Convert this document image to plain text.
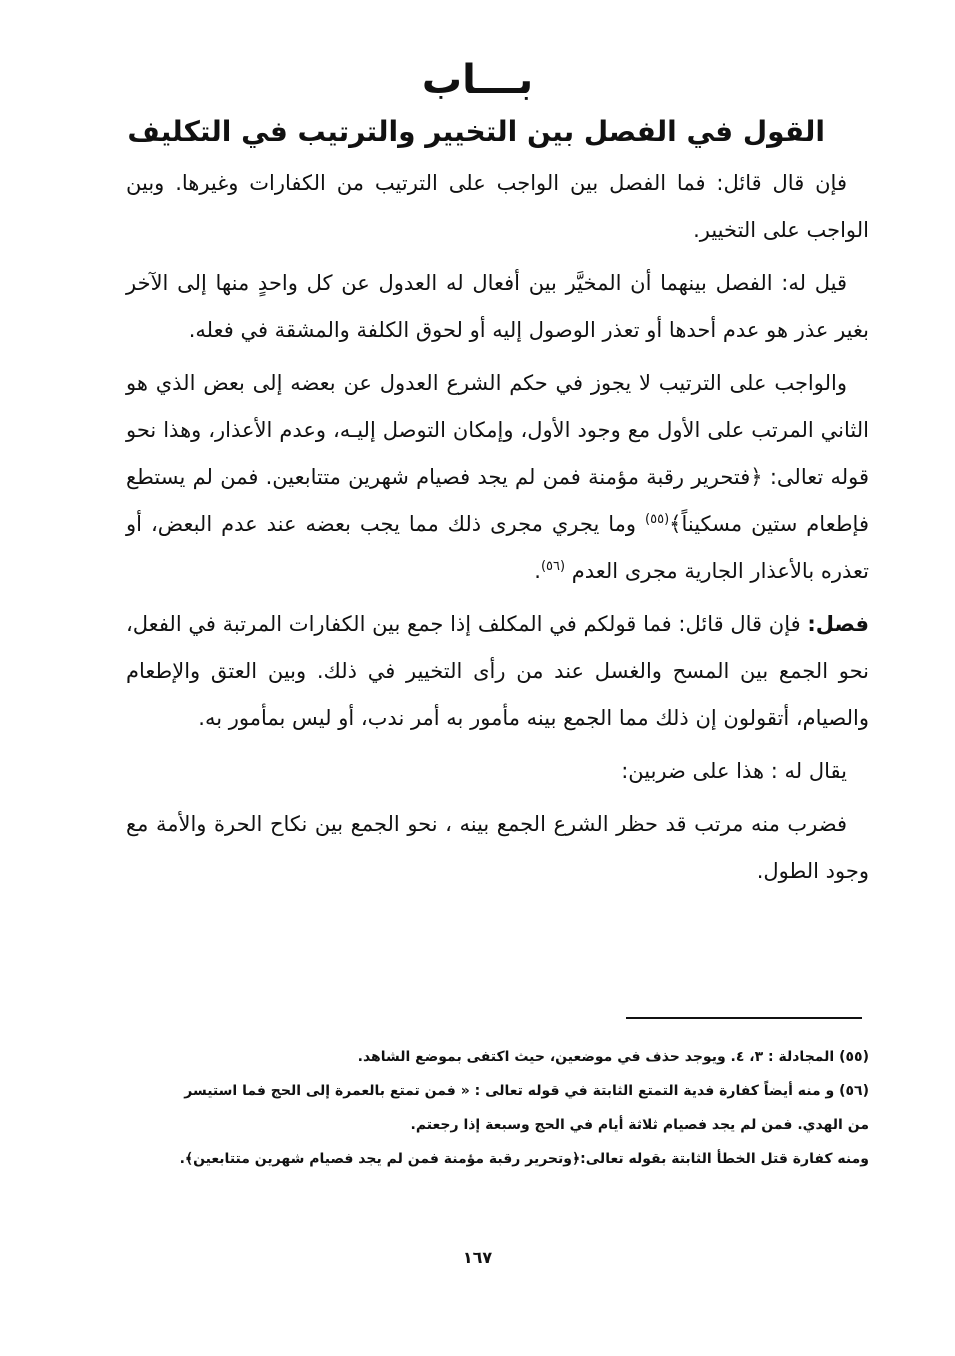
بـــاب
القول في الفصل بين التخيير والترتيب في التكليف

فإن قال قائل: فما الفصل بين الواجب على الترتيب من الكفارات وغيرها. وبين الواجب على التخيير.

قيل له: الفصل بينهما أن المخيَّر بين أفعال له العدول عن كل واحدٍ منها إلى الآخر بغير عذر هو عدم أحدها أو تعذر الوصول إليه أو لحوق الكلفة والمشقة في فعله.

والواجب على الترتيب لا يجوز في حكم الشرع العدول عن بعضه إلى بعض الذي هو الثاني المرتب على الأول مع وجود الأول، وإمكان التوصل إليـه، وعدم الأعذار، وهذا نحو قوله تعالى: ﴿فتحرير رقبة مؤمنة فمن لم يجد فصيام شهرين متتابعين. فمن لم يستطع فإطعام ستين مسكيناً﴾$^{(٥٥)}$ وما يجري مجرى ذلك مما يجب بعضه عند عدم البعض، أو تعذره بالأعذار الجارية مجرى العدم $^{(٥٦)}$.

فصل: فإن قال قائل: فما قولكم في المكلف إذا جمع بين الكفارات المرتبة في الفعل، نحو الجمع بين المسح والغسل عند من رأى التخيير في ذلك. وبين العتق والإطعام والصيام، أتقولون إن ذلك مما الجمع بينه مأمور به أمر ندب، أو ليس بمأمور به.

يقال له : هذا على ضربين:

فضرب منه مرتب قد حظر الشرع الجمع بينه ، نحو الجمع بين نكاح الحرة والأمة مع وجود الطول.

(٥٥) المجادلة : ٣، ٤. ويوجد حذف في موضعين، حيث اكتفى بموضع الشاهد.

(٥٦) و منه أيضاً كفارة فدية التمتع الثابتة في قوله تعالى : « فمن تمتع بالعمرة إلى الحج فما استيسر

من الهدي. فمن لم يجد فصيام ثلاثة أيام في الحج وسبعة إذا رجعتم.

ومنه كفارة قتل الخطأ الثابتة بقوله تعالى:﴿وتحرير رقبة مؤمنة فمن لم يجد فصيام شهرين متتابعين﴾.

١٦٧
